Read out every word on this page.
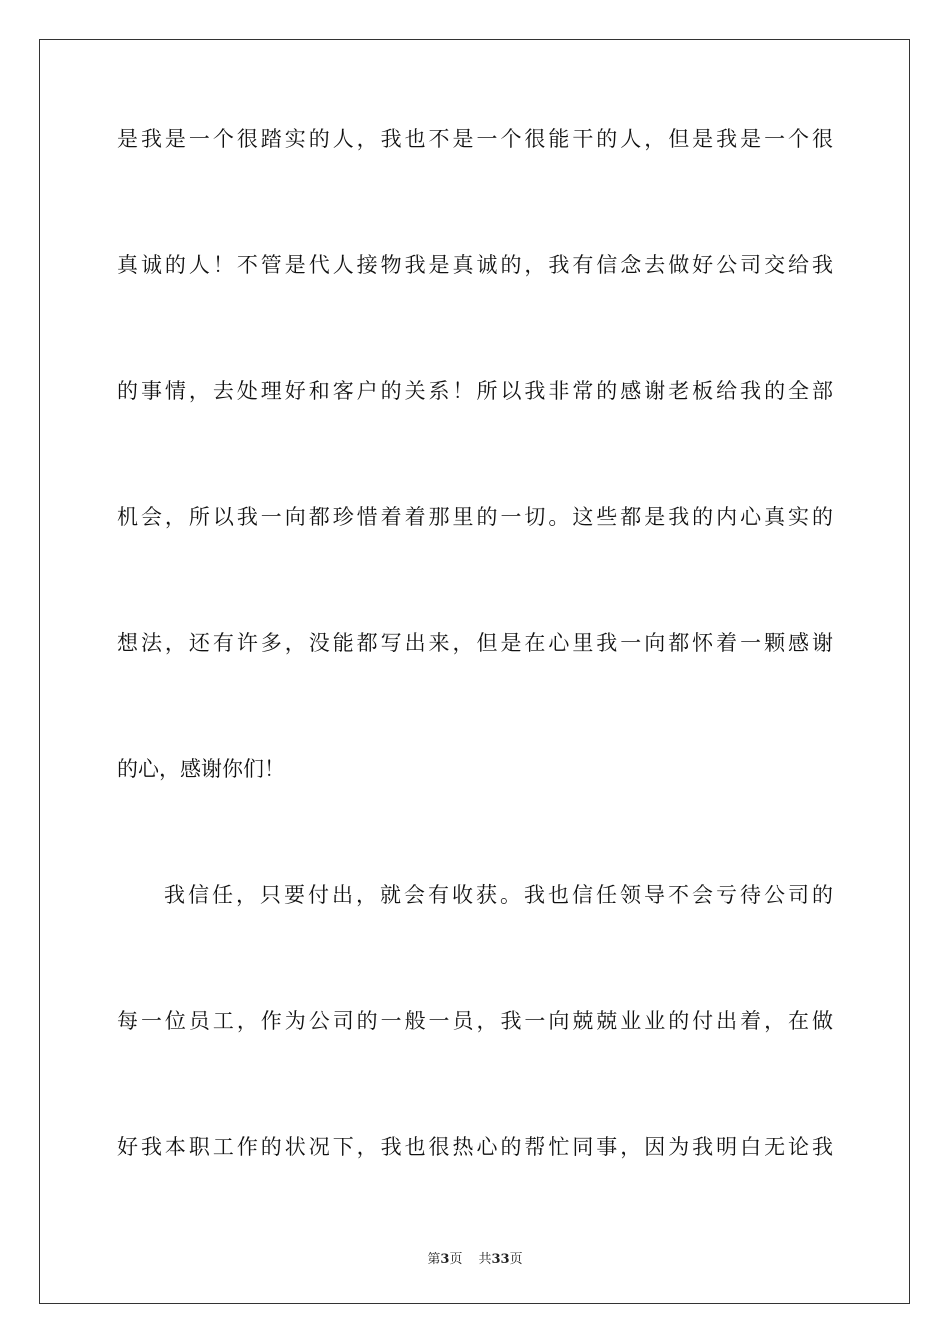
是我是一个很踏实的人，我也不是一个很能干的人，但是我是一个很
真诚的人！不管是代人接物我是真诚的，我有信念去做好公司交给我
的事情，去处理好和客户的关系！所以我非常的感谢老板给我的全部
机会，所以我一向都珍惜着着那里的一切。这些都是我的内心真实的
想法，还有许多，没能都写出来，但是在心里我一向都怀着一颗感谢
的心，感谢你们！
我信任，只要付出，就会有收获。我也信任领导不会亏待公司的
每一位员工，作为公司的一般一员，我一向兢兢业业的付出着，在做
好我本职工作的状况下，我也很热心的帮忙同事，因为我明白无论我
第3页 共33页
